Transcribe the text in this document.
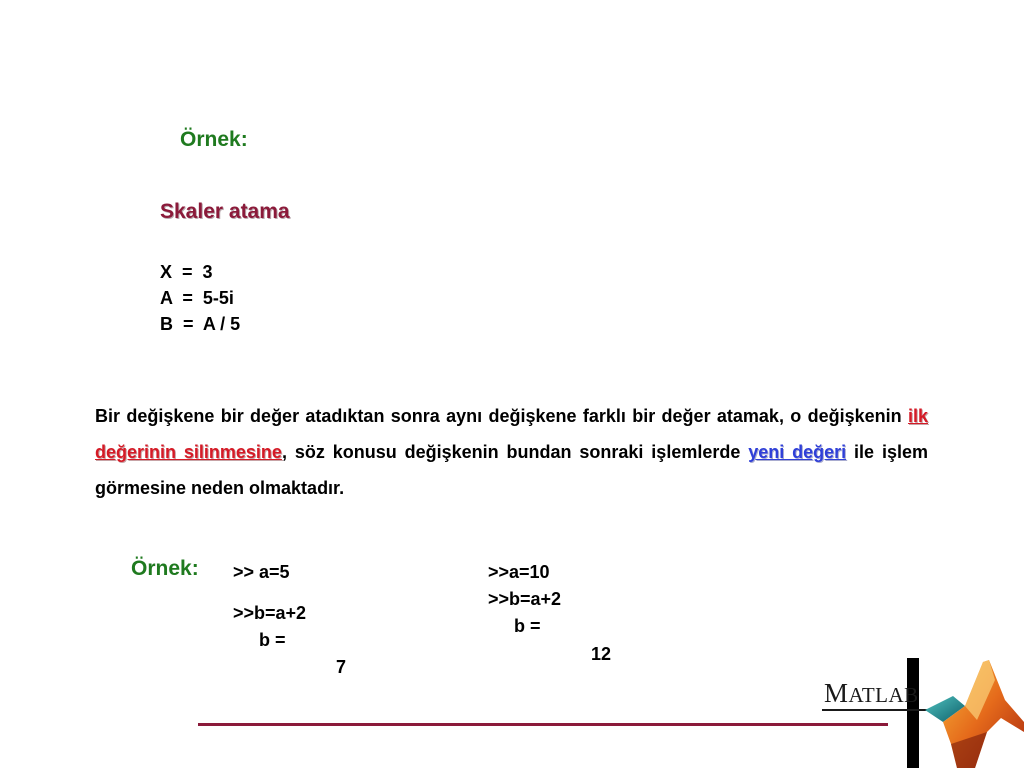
Örnek:
Skaler atama
X  =  3
A  =  5-5i
B  =  A / 5
Bir değişkene bir değer atadıktan sonra aynı değişkene farklı bir değer atamak, o değişkenin ilk değerinin silinmesine, söz konusu değişkenin bundan sonraki işlemlerde yeni değeri ile işlem görmesine neden olmaktadır.
Örnek: >> a=5
>>b=a+2
b =
7
>>a=10
>>b=a+2
b =
12
MATLAB
